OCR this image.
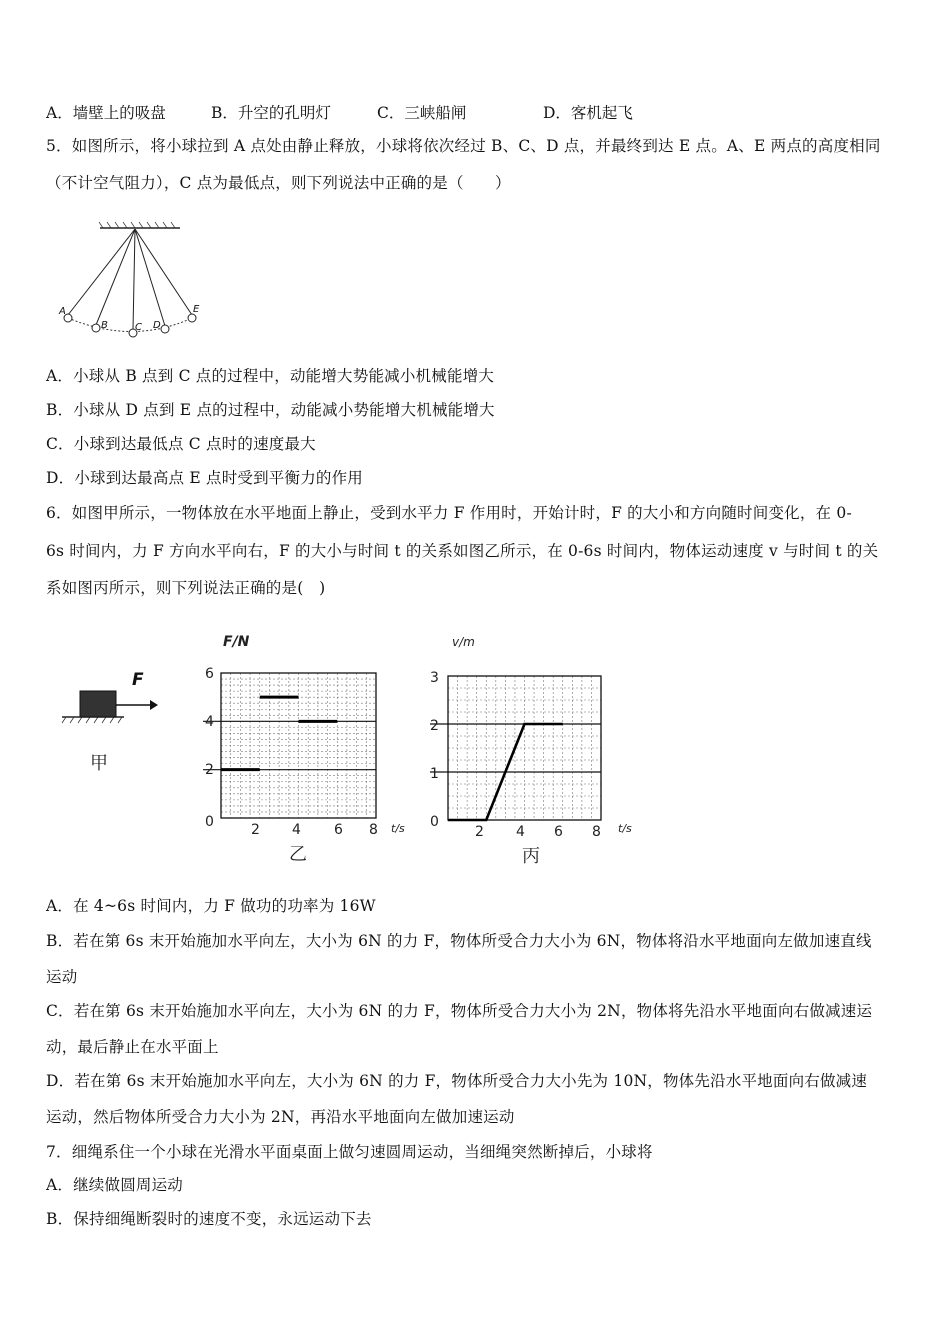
A．墙壁上的吸盘	B．升空的孔明灯	C．三峡船闸	D．客机起飞
5．如图所示，将小球拉到 A 点处由静止释放，小球将依次经过 B、C、D 点，并最终到达 E 点。A、E 两点的高度相同
（不计空气阻力），C 点为最低点，则下列说法中正确的是（　　）
A
B	C D
E
A．小球从 B 点到 C 点的过程中，动能增大势能减小机械能增大
B．小球从 D 点到 E 点的过程中，动能减小势能增大机械能增大
C．小球到达最低点 C 点时的速度最大
D．小球到达最高点 E 点时受到平衡力的作用
6．如图甲所示，一物体放在水平地面上静止，受到水平力 F 作用时，开始计时，F 的大小和方向随时间变化，在 0-
6s 时间内，力 F 方向水平向右，F 的大小与时间 t 的关系如图乙所示，在 0-6s 时间内，物体运动速度 v 与时间 t 的关
系如图丙所示，则下列说法正确的是(　)
F
甲
F/N
t/s
6
4
2
0	2 4 6 8
乙
v/m
t/s
3
2
1
0
2 4 6 8
丙
A．在 4~6s 时间内，力 F 做功的功率为 16W
B．若在第 6s 末开始施加水平向左，大小为 6N 的力 F，物体所受合力大小为 6N，物体将沿水平地面向左做加速直线
运动
C．若在第 6s 末开始施加水平向左，大小为 6N 的力 F，物体所受合力大小为 2N，物体将先沿水平地面向右做减速运
动，最后静止在水平面上
D．若在第 6s 末开始施加水平向左，大小为 6N 的力 F，物体所受合力大小先为 10N，物体先沿水平地面向右做减速
运动，然后物体所受合力大小为 2N，再沿水平地面向左做加速运动
7．细绳系住一个小球在光滑水平面桌面上做匀速圆周运动，当细绳突然断掉后，小球将
A．继续做圆周运动
B．保持细绳断裂时的速度不变，永远运动下去
